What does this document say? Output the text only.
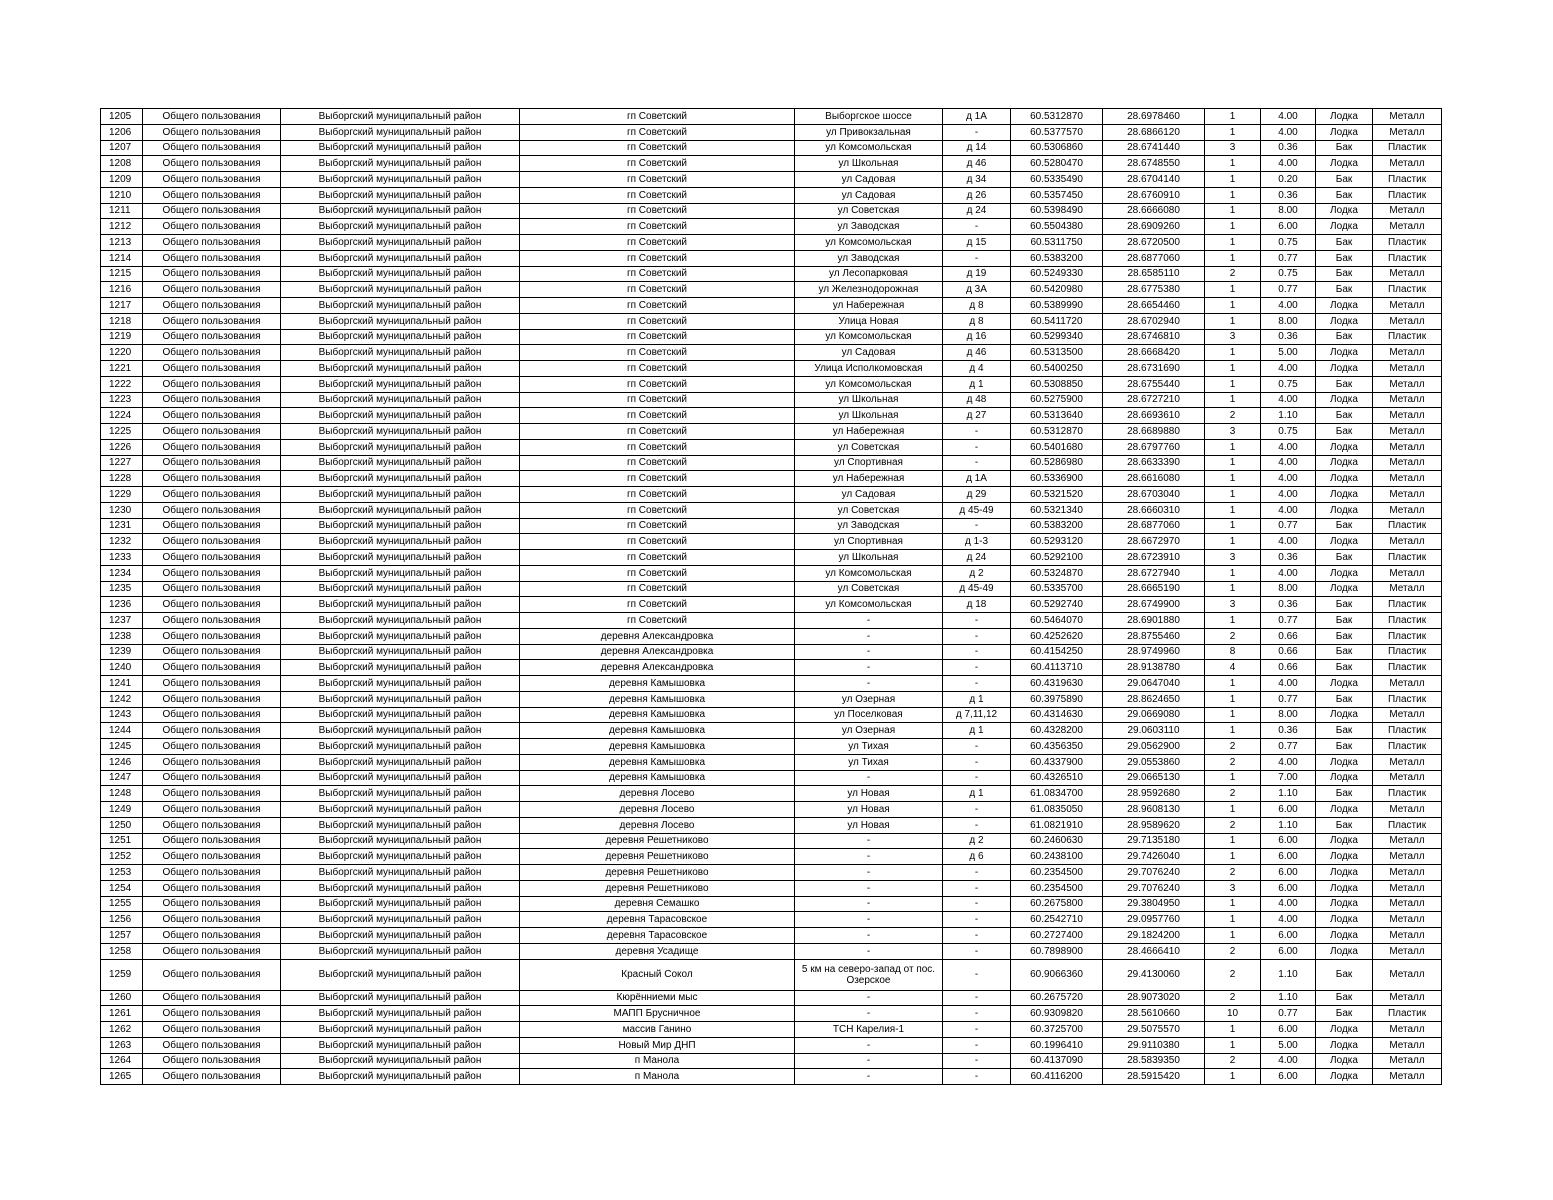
1205	Общего пользования	Выборгский муниципальный район	гп Советский	Выборгское шоссе	д 1А	60.5312870	28.6978460	1	4.00	Лодка	Металл
1206	Общего пользования	Выборгский муниципальный район	гп Советский	ул Привокзальная	-	60.5377570	28.6866120	1	4.00	Лодка	Металл
1207	Общего пользования	Выборгский муниципальный район	гп Советский	ул Комсомольская	д 14	60.5306860	28.6741440	3	0.36	Бак	Пластик
1208	Общего пользования	Выборгский муниципальный район	гп Советский	ул Школьная	д 46	60.5280470	28.6748550	1	4.00	Лодка	Металл
1209	Общего пользования	Выборгский муниципальный район	гп Советский	ул Садовая	д 34	60.5335490	28.6704140	1	0.20	Бак	Пластик
1210	Общего пользования	Выборгский муниципальный район	гп Советский	ул Садовая	д 26	60.5357450	28.6760910	1	0.36	Бак	Пластик
1211	Общего пользования	Выборгский муниципальный район	гп Советский	ул Советская	д 24	60.5398490	28.6666080	1	8.00	Лодка	Металл
1212	Общего пользования	Выборгский муниципальный район	гп Советский	ул Заводская	-	60.5504380	28.6909260	1	6.00	Лодка	Металл
1213	Общего пользования	Выборгский муниципальный район	гп Советский	ул Комсомольская	д 15	60.5311750	28.6720500	1	0.75	Бак	Пластик
1214	Общего пользования	Выборгский муниципальный район	гп Советский	ул Заводская	-	60.5383200	28.6877060	1	0.77	Бак	Пластик
1215	Общего пользования	Выборгский муниципальный район	гп Советский	ул Лесопарковая	д 19	60.5249330	28.6585110	2	0.75	Бак	Металл
1216	Общего пользования	Выборгский муниципальный район	гп Советский	ул Железнодорожная	д 3А	60.5420980	28.6775380	1	0.77	Бак	Пластик
1217	Общего пользования	Выборгский муниципальный район	гп Советский	ул Набережная	д 8	60.5389990	28.6654460	1	4.00	Лодка	Металл
1218	Общего пользования	Выборгский муниципальный район	гп Советский	Улица Новая	д 8	60.5411720	28.6702940	1	8.00	Лодка	Металл
1219	Общего пользования	Выборгский муниципальный район	гп Советский	ул Комсомольская	д 16	60.5299340	28.6746810	3	0.36	Бак	Пластик
1220	Общего пользования	Выборгский муниципальный район	гп Советский	ул Садовая	д 46	60.5313500	28.6668420	1	5.00	Лодка	Металл
1221	Общего пользования	Выборгский муниципальный район	гп Советский	Улица Исполкомовская	д 4	60.5400250	28.6731690	1	4.00	Лодка	Металл
1222	Общего пользования	Выборгский муниципальный район	гп Советский	ул Комсомольская	д 1	60.5308850	28.6755440	1	0.75	Бак	Металл
1223	Общего пользования	Выборгский муниципальный район	гп Советский	ул Школьная	д 48	60.5275900	28.6727210	1	4.00	Лодка	Металл
1224	Общего пользования	Выборгский муниципальный район	гп Советский	ул Школьная	д 27	60.5313640	28.6693610	2	1.10	Бак	Металл
1225	Общего пользования	Выборгский муниципальный район	гп Советский	ул Набережная	-	60.5312870	28.6689880	3	0.75	Бак	Металл
1226	Общего пользования	Выборгский муниципальный район	гп Советский	ул Советская	-	60.5401680	28.6797760	1	4.00	Лодка	Металл
1227	Общего пользования	Выборгский муниципальный район	гп Советский	ул Спортивная	-	60.5286980	28.6633390	1	4.00	Лодка	Металл
1228	Общего пользования	Выборгский муниципальный район	гп Советский	ул Набережная	д 1А	60.5336900	28.6616080	1	4.00	Лодка	Металл
1229	Общего пользования	Выборгский муниципальный район	гп Советский	ул Садовая	д 29	60.5321520	28.6703040	1	4.00	Лодка	Металл
1230	Общего пользования	Выборгский муниципальный район	гп Советский	ул Советская	д 45-49	60.5321340	28.6660310	1	4.00	Лодка	Металл
1231	Общего пользования	Выборгский муниципальный район	гп Советский	ул Заводская	-	60.5383200	28.6877060	1	0.77	Бак	Пластик
1232	Общего пользования	Выборгский муниципальный район	гп Советский	ул Спортивная	д 1-3	60.5293120	28.6672970	1	4.00	Лодка	Металл
1233	Общего пользования	Выборгский муниципальный район	гп Советский	ул Школьная	д 24	60.5292100	28.6723910	3	0.36	Бак	Пластик
1234	Общего пользования	Выборгский муниципальный район	гп Советский	ул Комсомольская	д 2	60.5324870	28.6727940	1	4.00	Лодка	Металл
1235	Общего пользования	Выборгский муниципальный район	гп Советский	ул Советская	д 45-49	60.5335700	28.6665190	1	8.00	Лодка	Металл
1236	Общего пользования	Выборгский муниципальный район	гп Советский	ул Комсомольская	д 18	60.5292740	28.6749900	3	0.36	Бак	Пластик
1237	Общего пользования	Выборгский муниципальный район	гп Советский	-	-	60.5464070	28.6901880	1	0.77	Бак	Пластик
1238	Общего пользования	Выборгский муниципальный район	деревня Александровка	-	-	60.4252620	28.8755460	2	0.66	Бак	Пластик
1239	Общего пользования	Выборгский муниципальный район	деревня Александровка	-	-	60.4154250	28.9749960	8	0.66	Бак	Пластик
1240	Общего пользования	Выборгский муниципальный район	деревня Александровка	-	-	60.4113710	28.9138780	4	0.66	Бак	Пластик
1241	Общего пользования	Выборгский муниципальный район	деревня Камышовка	-	-	60.4319630	29.0647040	1	4.00	Лодка	Металл
1242	Общего пользования	Выборгский муниципальный район	деревня Камышовка	ул Озерная	д 1	60.3975890	28.8624650	1	0.77	Бак	Пластик
1243	Общего пользования	Выборгский муниципальный район	деревня Камышовка	ул Поселковая	д 7,11,12	60.4314630	29.0669080	1	8.00	Лодка	Металл
1244	Общего пользования	Выборгский муниципальный район	деревня Камышовка	ул Озерная	д 1	60.4328200	29.0603110	1	0.36	Бак	Пластик
1245	Общего пользования	Выборгский муниципальный район	деревня Камышовка	ул Тихая	-	60.4356350	29.0562900	2	0.77	Бак	Пластик
1246	Общего пользования	Выборгский муниципальный район	деревня Камышовка	ул Тихая	-	60.4337900	29.0553860	2	4.00	Лодка	Металл
1247	Общего пользования	Выборгский муниципальный район	деревня Камышовка	-	-	60.4326510	29.0665130	1	7.00	Лодка	Металл
1248	Общего пользования	Выборгский муниципальный район	деревня Лосево	ул Новая	д 1	61.0834700	28.9592680	2	1.10	Бак	Пластик
1249	Общего пользования	Выборгский муниципальный район	деревня Лосево	ул Новая	-	61.0835050	28.9608130	1	6.00	Лодка	Металл
1250	Общего пользования	Выборгский муниципальный район	деревня Лосево	ул Новая	-	61.0821910	28.9589620	2	1.10	Бак	Пластик
1251	Общего пользования	Выборгский муниципальный район	деревня Решетниково	-	д 2	60.2460630	29.7135180	1	6.00	Лодка	Металл
1252	Общего пользования	Выборгский муниципальный район	деревня Решетниково	-	д 6	60.2438100	29.7426040	1	6.00	Лодка	Металл
1253	Общего пользования	Выборгский муниципальный район	деревня Решетниково	-	-	60.2354500	29.7076240	2	6.00	Лодка	Металл
1254	Общего пользования	Выборгский муниципальный район	деревня Решетниково	-	-	60.2354500	29.7076240	3	6.00	Лодка	Металл
1255	Общего пользования	Выборгский муниципальный район	деревня Семашко	-	-	60.2675800	29.3804950	1	4.00	Лодка	Металл
1256	Общего пользования	Выборгский муниципальный район	деревня Тарасовское	-	-	60.2542710	29.0957760	1	4.00	Лодка	Металл
1257	Общего пользования	Выборгский муниципальный район	деревня Тарасовское	-	-	60.2727400	29.1824200	1	6.00	Лодка	Металл
1258	Общего пользования	Выборгский муниципальный район	деревня Усадище	-	-	60.7898900	28.4666410	2	6.00	Лодка	Металл
1259	Общего пользования	Выборгский муниципальный район	Красный Сокол	5 км на северо-запад от пос. Озерское	-	60.9066360	29.4130060	2	1.10	Бак	Металл
1260	Общего пользования	Выборгский муниципальный район	Кюрённиеми мыс	-	-	60.2675720	28.9073020	2	1.10	Бак	Металл
1261	Общего пользования	Выборгский муниципальный район	МАПП Брусничное	-	-	60.9309820	28.5610660	10	0.77	Бак	Пластик
1262	Общего пользования	Выборгский муниципальный район	массив Ганино	ТСН Карелия-1	-	60.3725700	29.5075570	1	6.00	Лодка	Металл
1263	Общего пользования	Выборгский муниципальный район	Новый Мир ДНП	-	-	60.1996410	29.9110380	1	5.00	Лодка	Металл
1264	Общего пользования	Выборгский муниципальный район	п Манола	-	-	60.4137090	28.5839350	2	4.00	Лодка	Металл
1265	Общего пользования	Выборгский муниципальный район	п Манола	-	-	60.4116200	28.5915420	1	6.00	Лодка	Металл
